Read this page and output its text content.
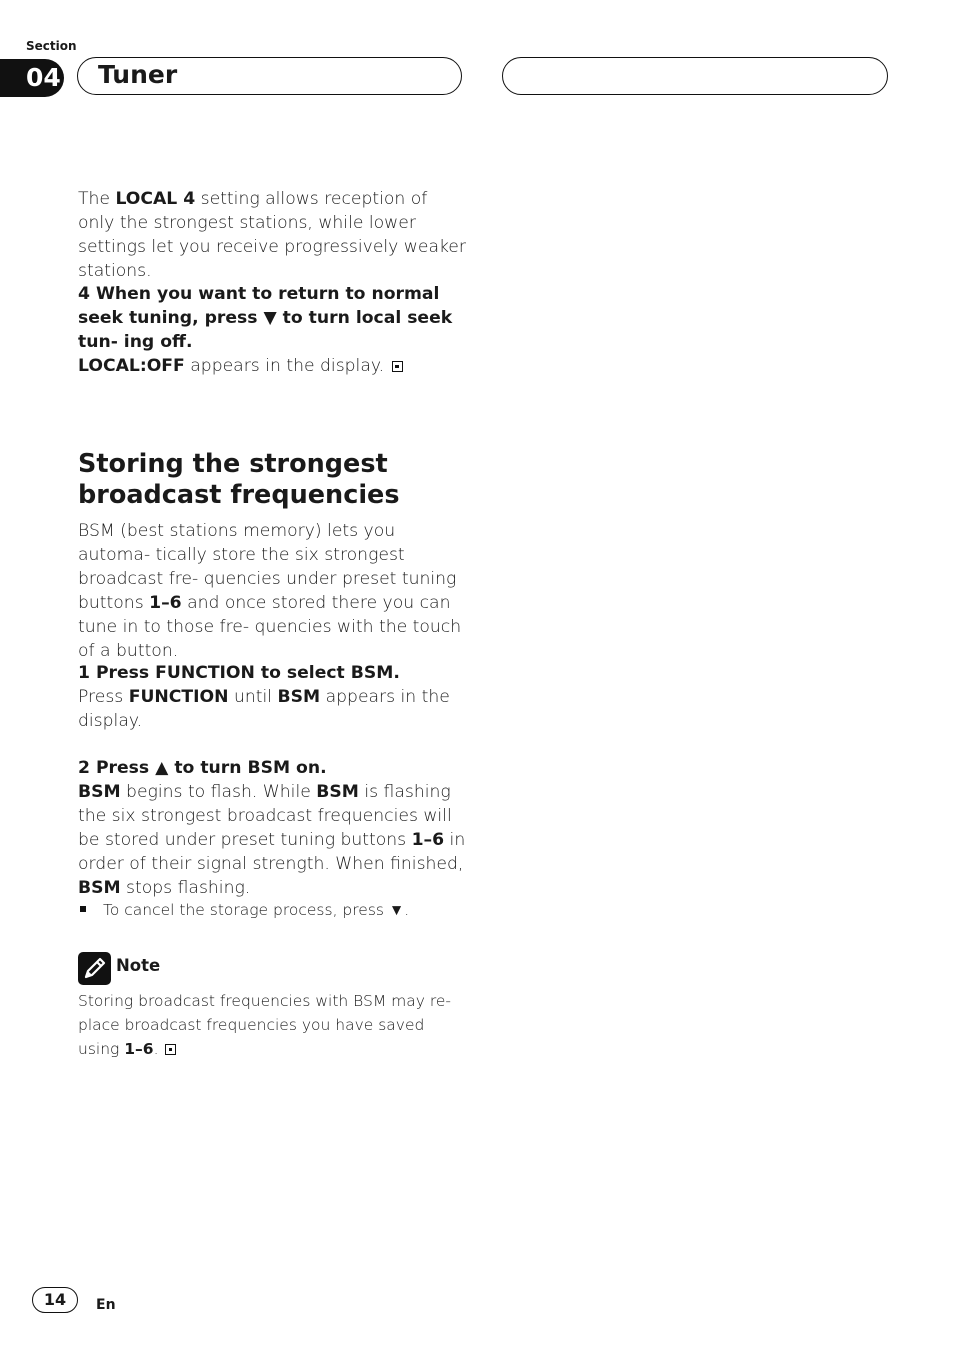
Section
04 Tuner

The LOCAL 4 setting allows reception of only the strongest stations, while lower settings let you receive progressively weaker stations.

4 When you want to return to normal seek tuning, press ▼ to turn local seek tun- ing off.

LOCAL:OFF appears in the display.

Storing the strongest broadcast frequencies

BSM (best stations memory) lets you automa- tically store the six strongest broadcast fre- quencies under preset tuning buttons 1–6 and once stored there you can tune in to those fre- quencies with the touch of a button.

1 Press FUNCTION to select BSM.

Press FUNCTION until BSM appears in the display.

2 Press ▲ to turn BSM on.

BSM begins to flash. While BSM is flashing the six strongest broadcast frequencies will be stored under preset tuning buttons 1–6 in order of their signal strength. When finished, BSM stops flashing.

To cancel the storage process, press ▼.
Note

Storing broadcast frequencies with BSM may re- place broadcast frequencies you have saved using 1–6.

14	En
